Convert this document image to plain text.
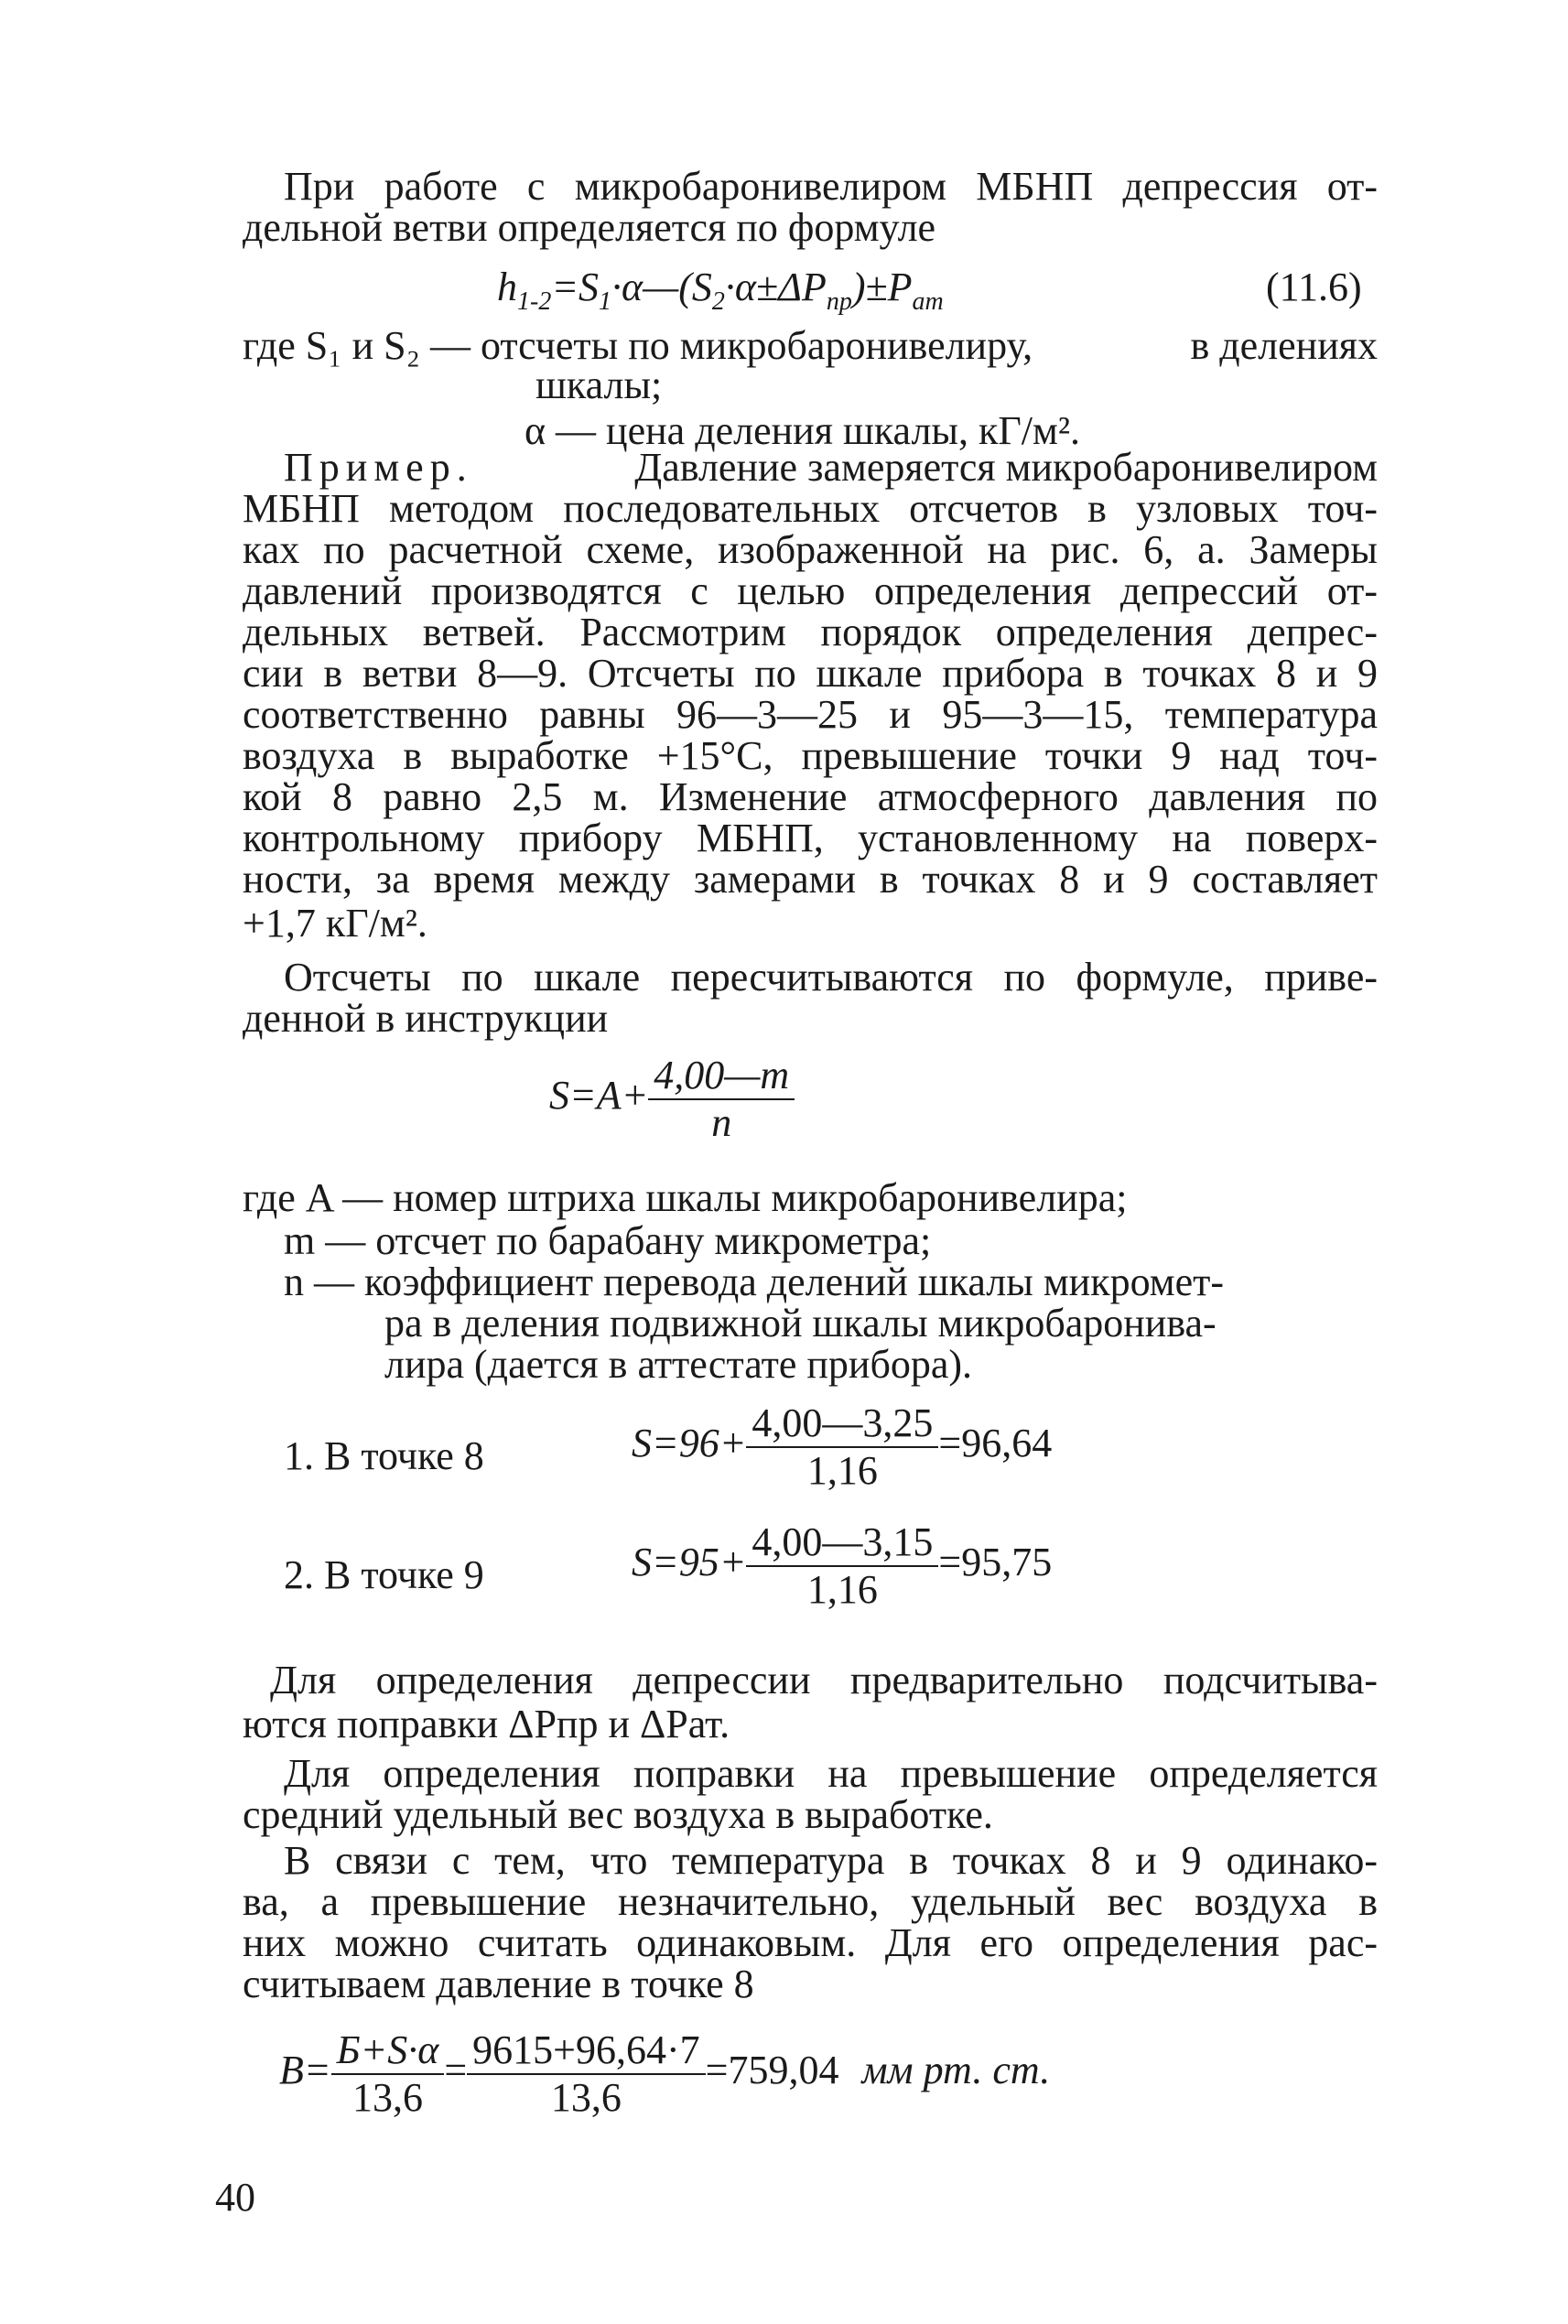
При работе с микробаронивелиром МБНП депрессия от-
дельной ветви определяется по формуле
$h_{1-2}=S_1\cdot\alpha—(S_2\cdot\alpha\pm\Delta P_{пр})\pm P_{ат}$	(11.6)
где S₁ и S₂ — отсчеты по микробаронивелиру,	в делениях
шкалы;
α — цена деления шкалы, кГ/м².
Пример.	Давление замеряется микробаронивелиром
МБНП методом последовательных отсчетов в узловых точ-
ках по расчетной схеме, изображенной на рис. 6, а. Замеры
давлений производятся с целью определения депрессий от-
дельных ветвей. Рассмотрим порядок определения депрес-
сии в ветви 8—9. Отсчеты по шкале прибора в точках 8 и 9
соответственно равны 96—3—25 и 95—3—15, температура
воздуха в выработке +15°С, превышение точки 9 над точ-
кой 8 равно 2,5 м. Изменение атмосферного давления по
контрольному прибору МБНП, установленному на поверх-
ности, за время между замерами в точках 8 и 9 составляет
+1,7 кГ/м².
Отсчеты по шкале пересчитываются по формуле, приве-
денной в инструкции
$S=A+ \frac{4,00—m}{n}$
где A — номер штриха шкалы микробаронивелира;
m — отсчет по барабану микрометра;
n — коэффициент перевода делений шкалы микромет-
ра в деления подвижной шкалы микробаронива-
лира (дается в аттестате прибора).
1. В точке 8	$S=96+ \frac{4,00—3,25}{1,16} =96,64$
2. В точке 9	$S=95+ \frac{4,00—3,15}{1,16} =95,75$
Для определения депрессии предварительно подсчитыва-
ются поправки ΔPпр и ΔPат.
Для определения поправки на превышение определяется
средний удельный вес воздуха в выработке.
В связи с тем, что температура в точках 8 и 9 одинако-
ва, а превышение незначительно, удельный вес воздуха в
них можно считать одинаковым. Для его определения рас-
считываем давление в точке 8
$B= \frac{Б+S\cdot\alpha}{13,6} = \frac{9615+96,64\cdot 7}{13,6} =759,04$ мм рт. ст.
40
